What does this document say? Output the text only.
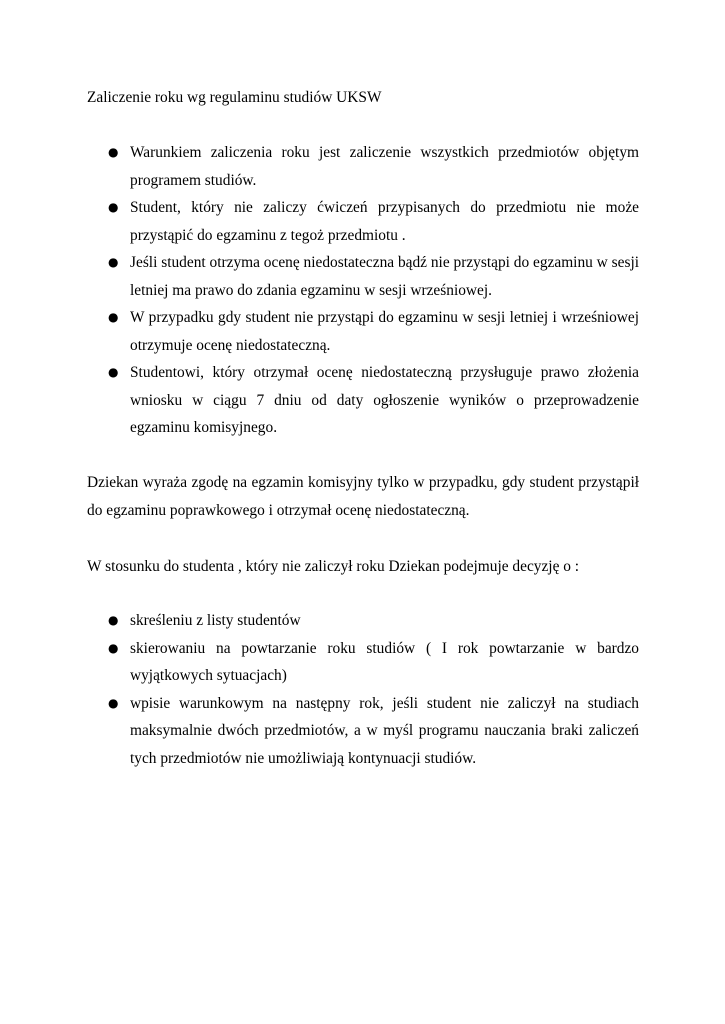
Zaliczenie roku wg regulaminu studiów UKSW

● Warunkiem zaliczenia roku jest zaliczenie wszystkich przedmiotów objętym programem studiów.
● Student, który nie zaliczy ćwiczeń przypisanych do przedmiotu nie może przystąpić do egzaminu z tegoż przedmiotu .
● Jeśli student otrzyma ocenę niedostateczna bądź nie przystąpi do egzaminu w sesji letniej ma prawo do zdania egzaminu w sesji wrześniowej.
● W przypadku gdy student nie przystąpi do egzaminu w sesji letniej i wrześniowej otrzymuje ocenę niedostateczną.
● Studentowi, który otrzymał ocenę niedostateczną przysługuje prawo złożenia wniosku w ciągu 7 dniu od daty ogłoszenie wyników o przeprowadzenie egzaminu komisyjnego.

Dziekan wyraża zgodę na egzamin komisyjny tylko w przypadku, gdy student przystąpił do egzaminu poprawkowego i otrzymał ocenę niedostateczną.

W stosunku do studenta , który nie zaliczył roku Dziekan podejmuje decyzję o :

● skreśleniu z listy studentów
● skierowaniu na powtarzanie roku studiów ( I rok powtarzanie w bardzo wyjątkowych sytuacjach)
● wpisie warunkowym na następny rok, jeśli student nie zaliczył na studiach maksymalnie dwóch przedmiotów, a w myśl programu nauczania braki zaliczeń tych przedmiotów nie umożliwiają kontynuacji studiów.
